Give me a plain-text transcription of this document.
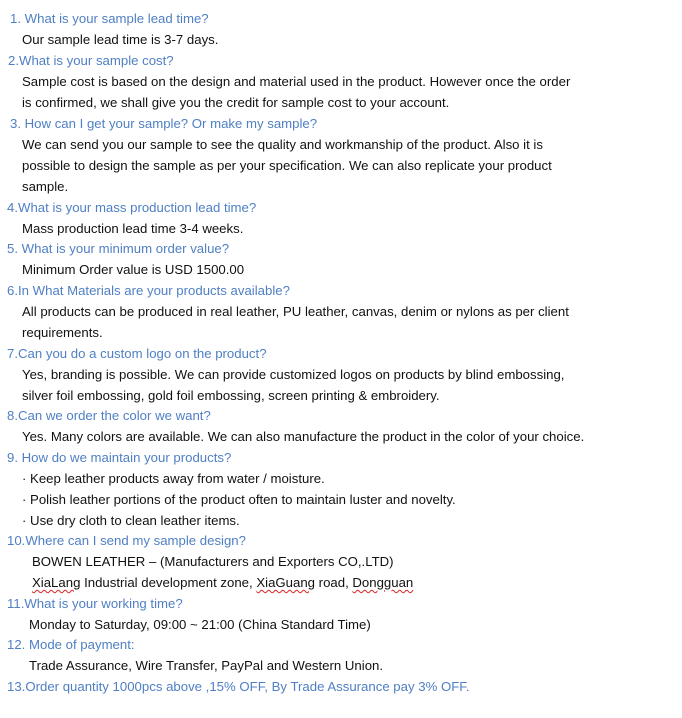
1. What is your sample lead time?
Our sample lead time is 3-7 days.
2.What is your sample cost?
Sample cost is based on the design and material used in the product. However once the order
is confirmed, we shall give you the credit for sample cost to your account.
3. How can I get your sample? Or make my sample?
We can send you our sample to see the quality and workmanship of the product. Also it is
possible to design the sample as per your specification. We can also replicate your product
sample.
4.What is your mass production lead time?
Mass production lead time 3-4 weeks.
5. What is your minimum order value?
Minimum Order value is USD 1500.00
6.In What Materials are your products available?
All products can be produced in real leather, PU leather, canvas, denim or nylons as per client
requirements.
7.Can you do a custom logo on the product?
Yes, branding is possible. We can provide customized logos on products by blind embossing,
silver foil embossing, gold foil embossing, screen printing & embroidery.
8.Can we order the color we want?
Yes. Many colors are available. We can also manufacture the product in the color of your choice.
9. How do we maintain your products?
· Keep leather products away from water / moisture.
· Polish leather portions of the product often to maintain luster and novelty.
· Use dry cloth to clean leather items.
10.Where can I send my sample design?
BOWEN LEATHER – (Manufacturers and Exporters CO,.LTD)
XiaLang Industrial development zone, XiaGuang road, Dongguan
11.What is your working time?
Monday to Saturday, 09:00 ~ 21:00 (China Standard Time)
12. Mode of payment:
Trade Assurance, Wire Transfer, PayPal and Western Union.
13.Order quantity 1000pcs above ,15% OFF, By Trade Assurance pay 3% OFF.
